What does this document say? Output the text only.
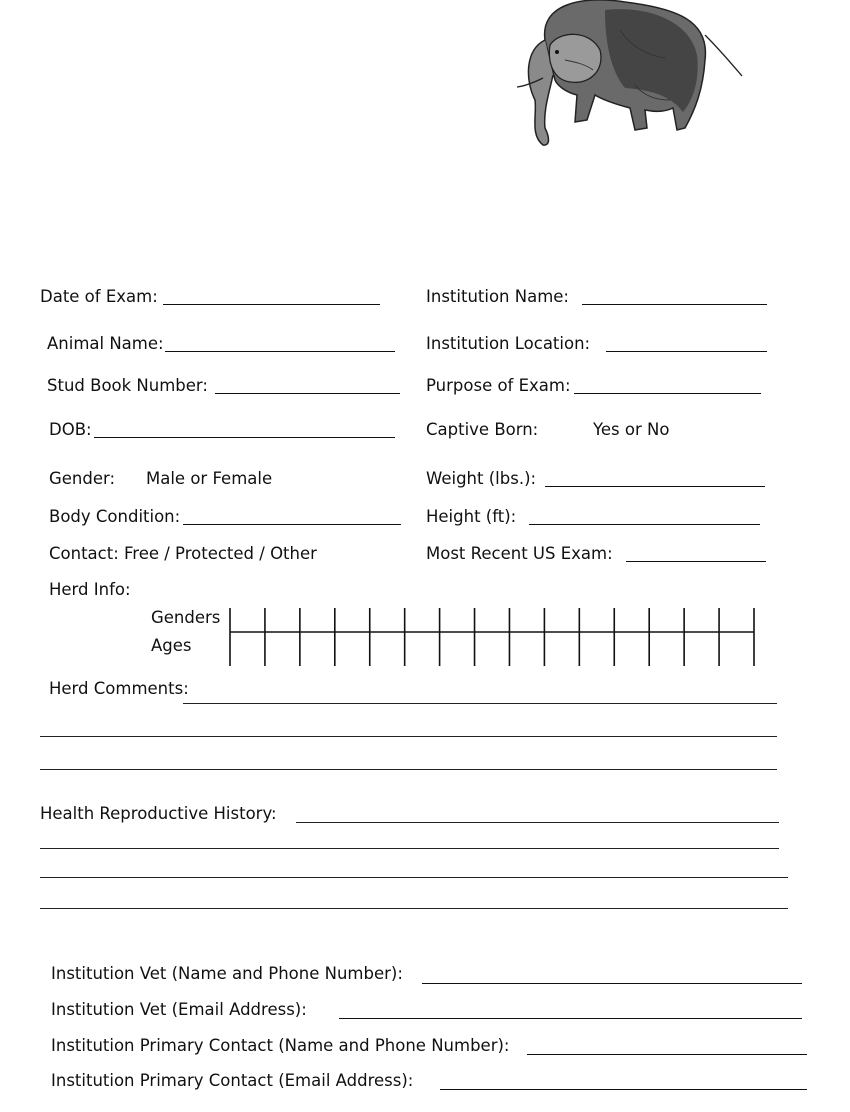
Date of Exam:
Animal Name:
Stud Book Number:
DOB:
Gender: Male or Female
Body Condition:
Contact: Free / Protected / Other
Herd Info:
Institution Name:
Institution Location:
Purpose of Exam:
Captive Born:	Yes or No
Weight (lbs.):
Height (ft):
Most Recent US Exam:
Genders
Ages
Herd Comments:
Health Reproductive History:
Institution Vet (Name and Phone Number):
Institution Vet (Email Address):
Institution Primary Contact (Name and Phone Number):
Institution Primary Contact (Email Address):
